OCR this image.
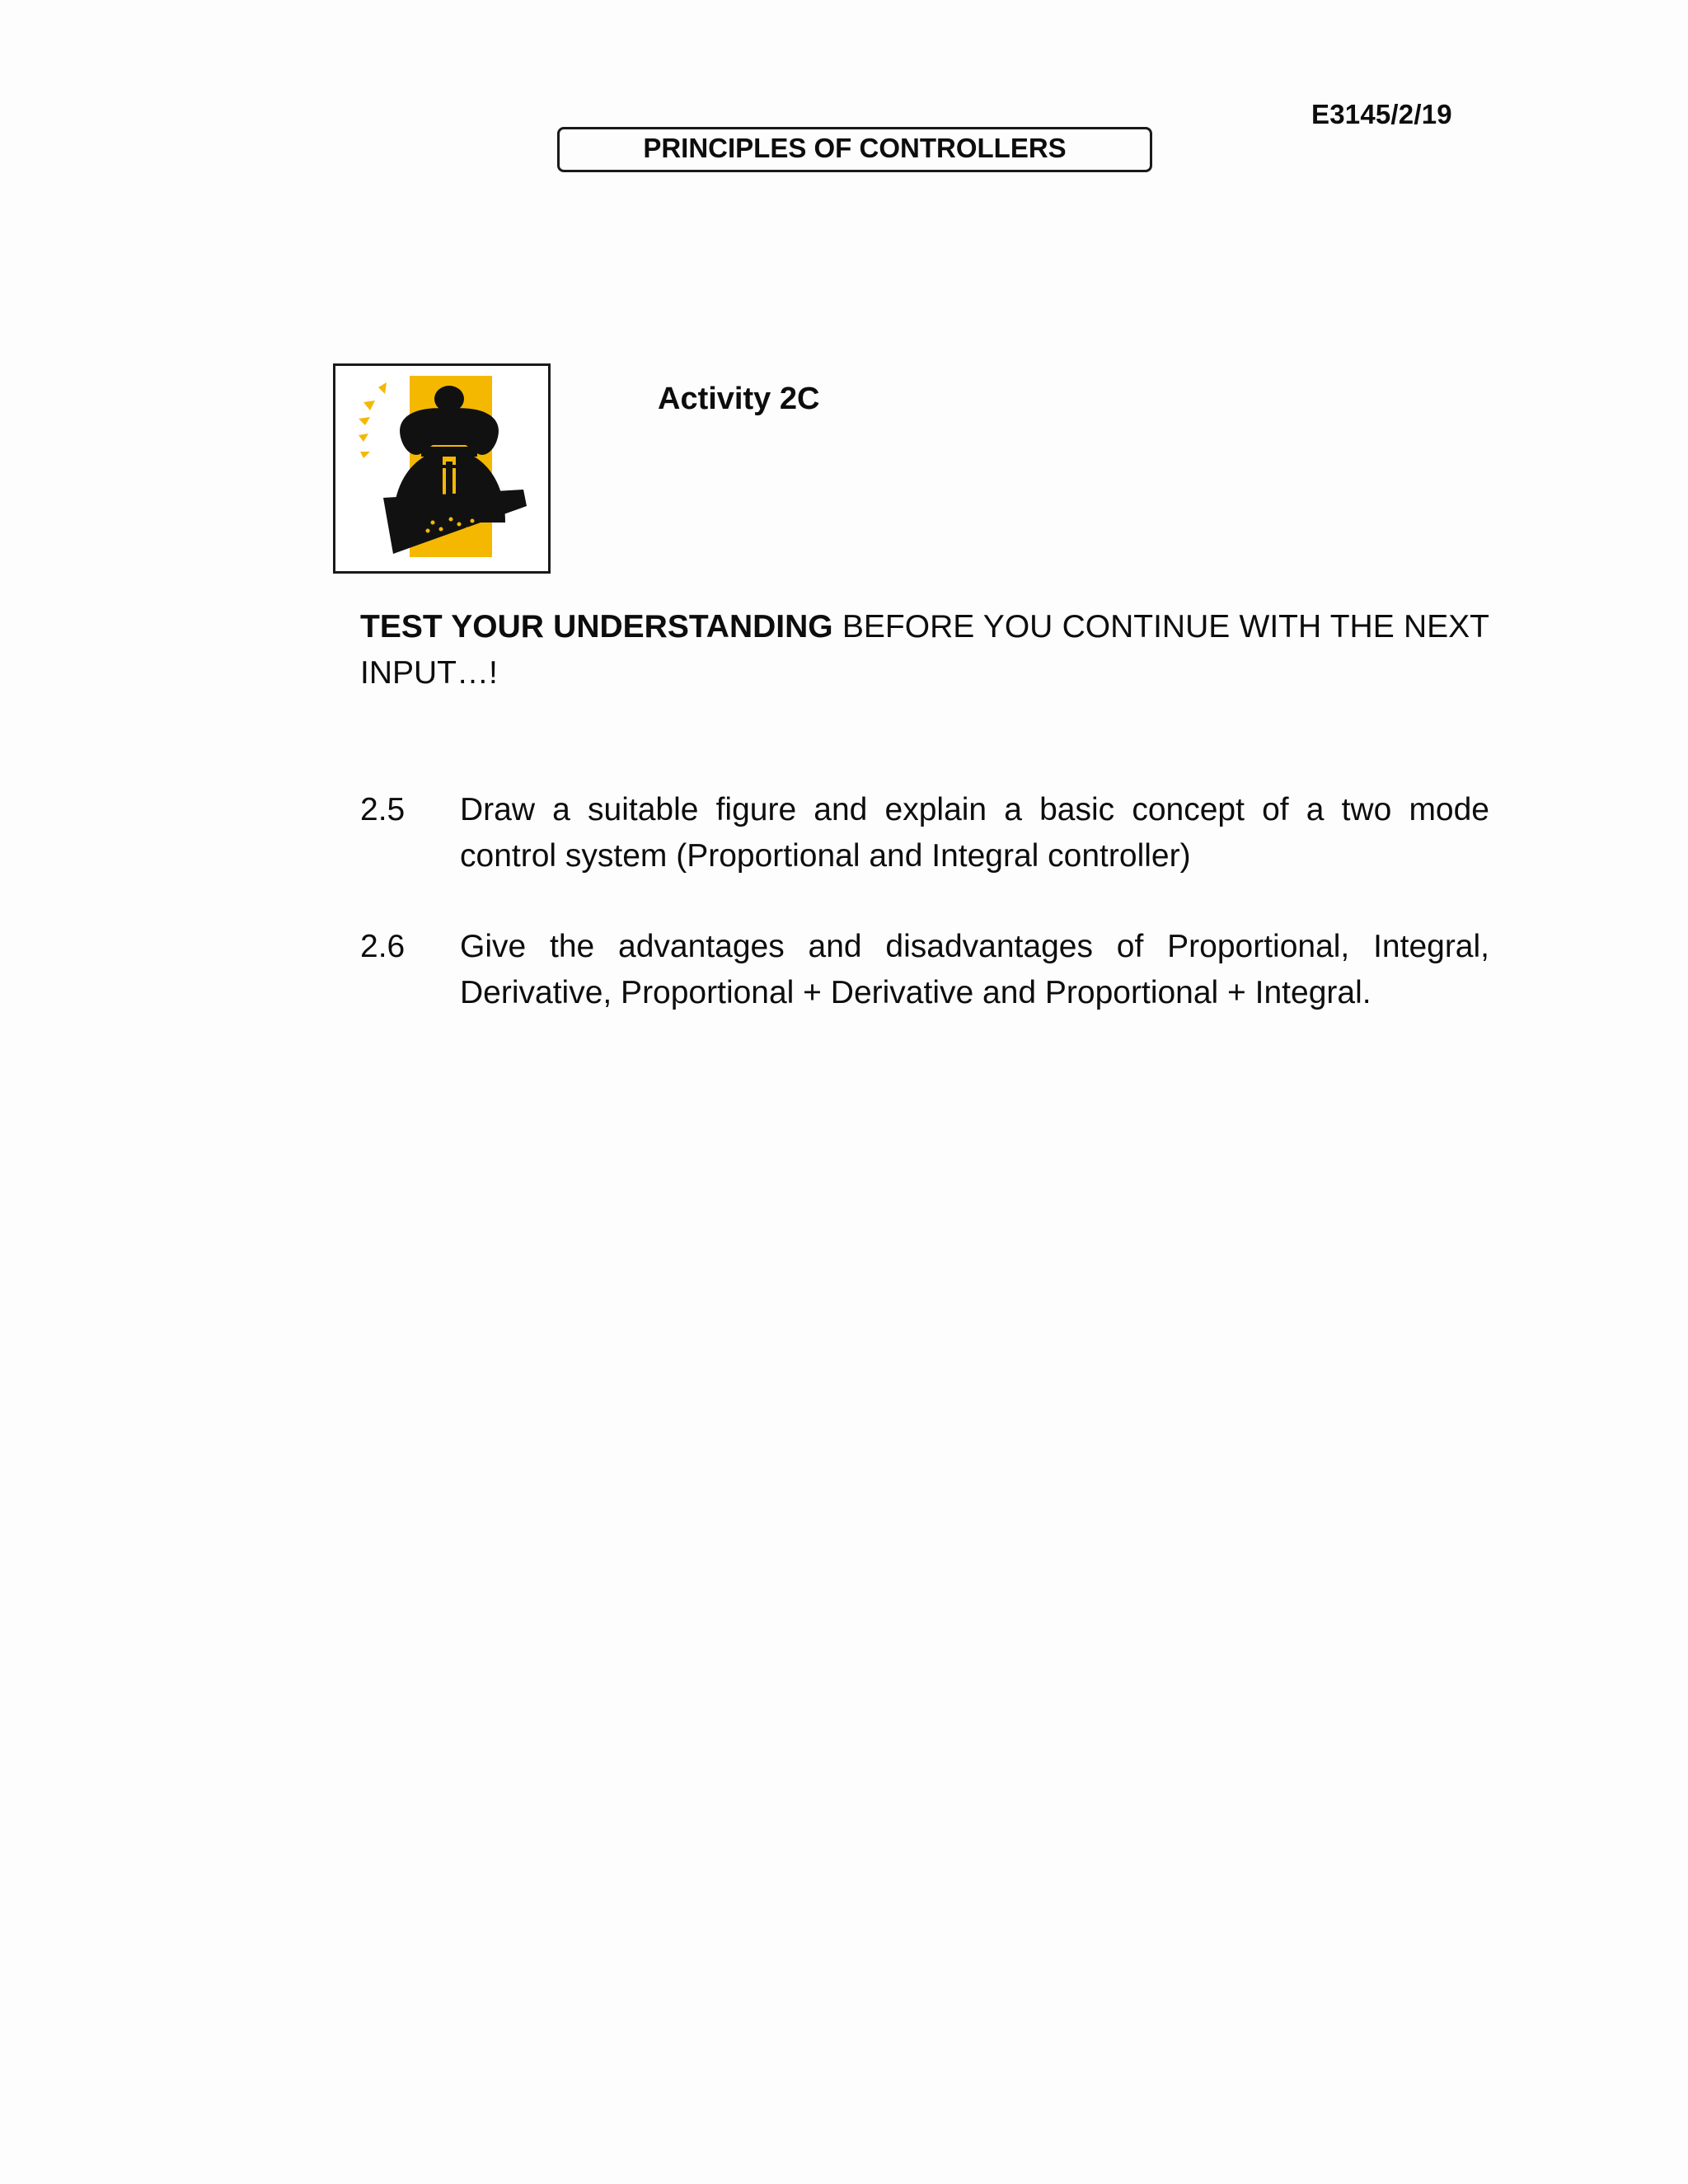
E3145/2/19
PRINCIPLES OF CONTROLLERS
Activity 2C
TEST YOUR UNDERSTANDING BEFORE YOU CONTINUE WITH THE NEXT INPUT…!
2.5 Draw a suitable figure and explain a basic concept of a two mode control system (Proportional and Integral controller)
2.6 Give the advantages and disadvantages of Proportional, Integral, Derivative, Proportional + Derivative and Proportional + Integral.
